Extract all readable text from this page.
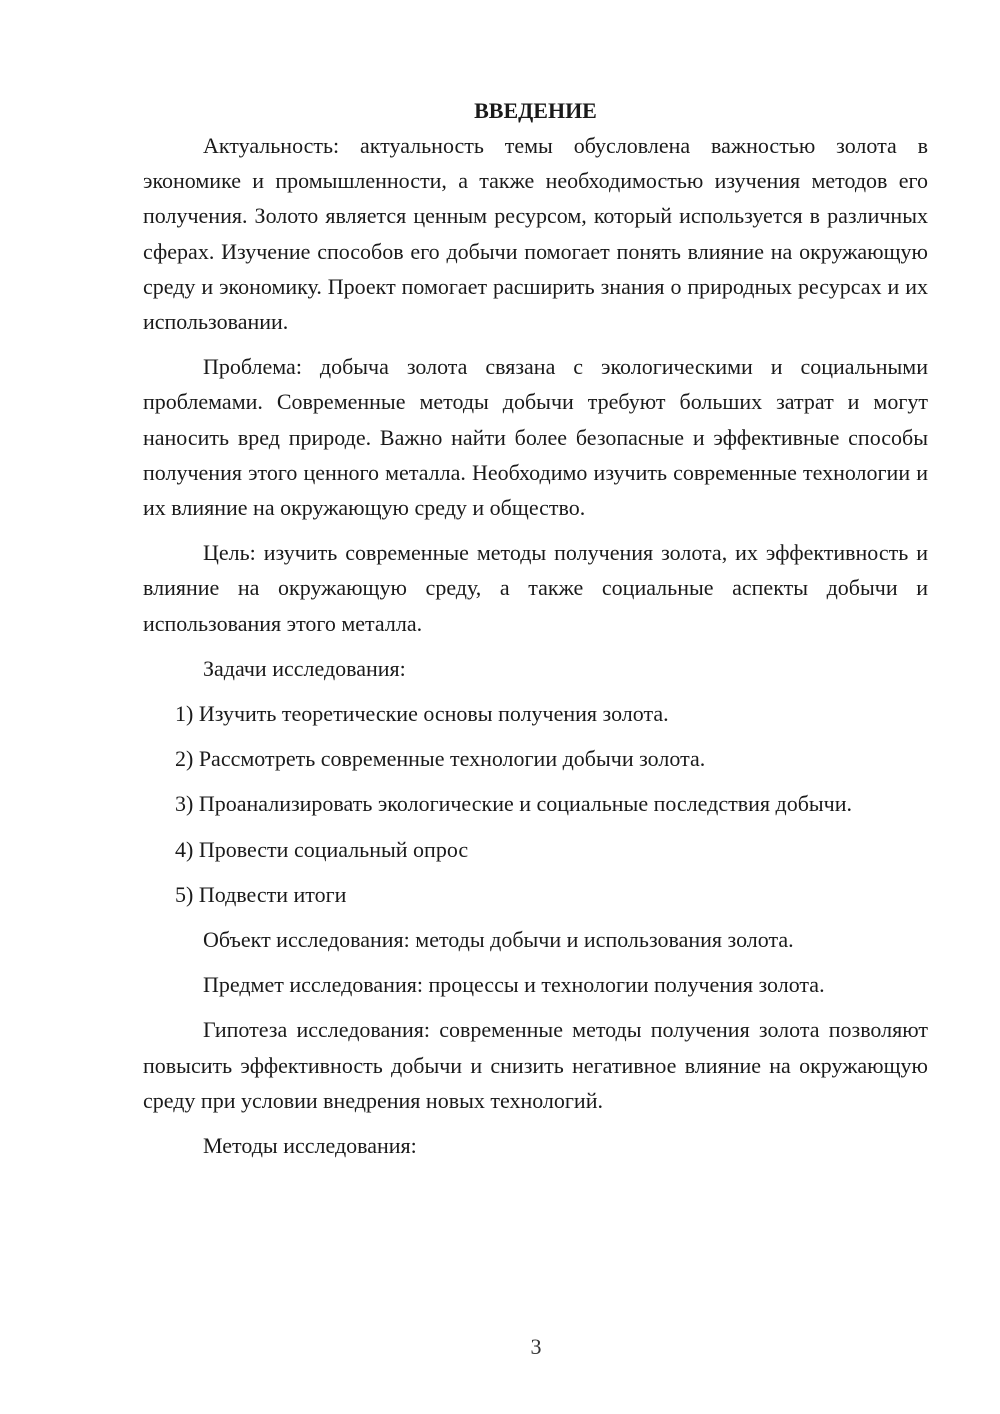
ВВЕДЕНИЕ

Актуальность: актуальность темы обусловлена важностью золота в экономике и промышленности, а также необходимостью изучения методов его получения. Золото является ценным ресурсом, который используется в различных сферах. Изучение способов его добычи помогает понять влияние на окружающую среду и экономику. Проект помогает расширить знания о природных ресурсах и их использовании.

Проблема: добыча золота связана с экологическими и социальными проблемами. Современные методы добычи требуют больших затрат и могут наносить вред природе. Важно найти более безопасные и эффективные способы получения этого ценного металла. Необходимо изучить современные технологии и их влияние на окружающую среду и общество.

Цель: изучить современные методы получения золота, их эффективность и влияние на окружающую среду, а также социальные аспекты добычи и использования этого металла.

Задачи исследования:

1) Изучить теоретические основы получения золота.

2) Рассмотреть современные технологии добычи золота.

3) Проанализировать экологические и социальные последствия добычи.

4) Провести социальный опрос

5) Подвести итоги

Объект исследования: методы добычи и использования золота.

Предмет исследования: процессы и технологии получения золота.

Гипотеза исследования: современные методы получения золота позволяют повысить эффективность добычи и снизить негативное влияние на окружающую среду при условии внедрения новых технологий.

Методы исследования:

3
